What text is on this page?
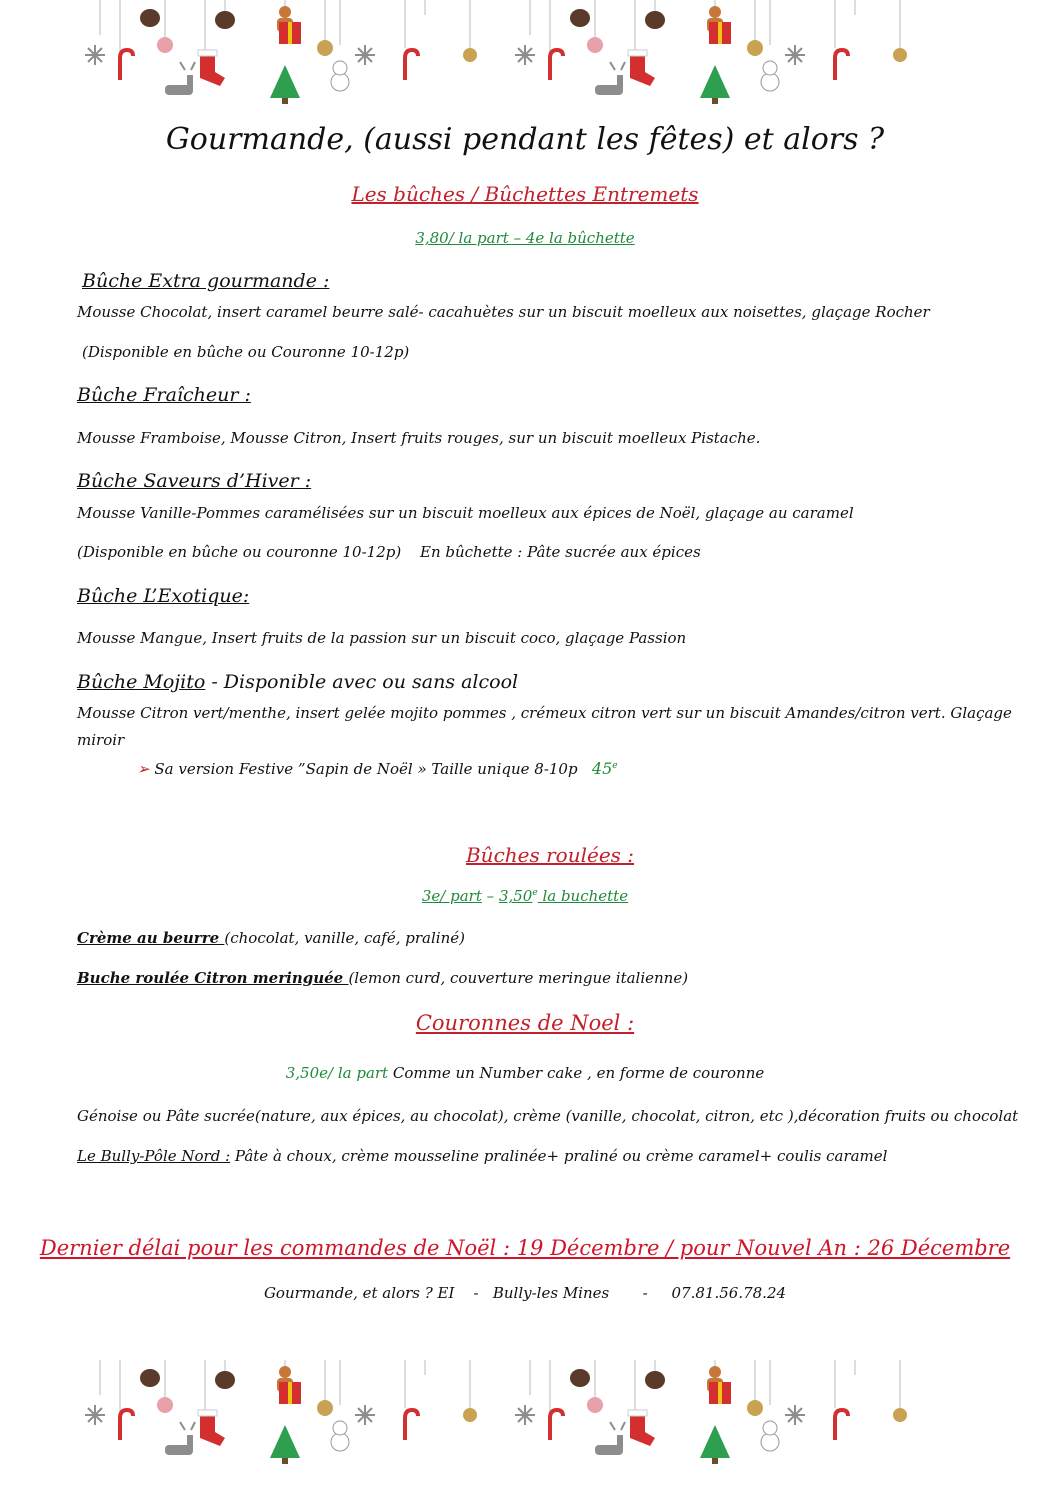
Gourmande, (aussi pendant les fêtes) et alors ?
Les bûches / Bûchettes Entremets
3,80/ la part – 4e la bûchette
Bûche Extra gourmande :
Mousse Chocolat, insert caramel beurre salé- cacahuètes sur un biscuit moelleux aux noisettes, glaçage Rocher
(Disponible en bûche ou Couronne 10-12p)
Bûche Fraîcheur :
Mousse Framboise, Mousse Citron, Insert fruits rouges, sur un biscuit moelleux Pistache.
Bûche Saveurs d’Hiver :
Mousse Vanille-Pommes caramélisées sur un biscuit moelleux aux épices de Noël, glaçage au caramel
(Disponible en bûche ou couronne 10-12p) En bûchette : Pâte sucrée aux épices
Bûche L’Exotique:
Mousse Mangue, Insert fruits de la passion sur un biscuit coco, glaçage Passion
Bûche Mojito - Disponible avec ou sans alcool
Mousse Citron vert/menthe, insert gelée mojito pommes , crémeux citron vert sur un biscuit Amandes/citron vert. Glaçage
miroir
➢ Sa version Festive ”Sapin de Noël » Taille unique 8-10p 45e
Bûches roulées :
3e/ part – 3,50e la buchette
Crème au beurre (chocolat, vanille, café, praliné)
Buche roulée Citron meringuée (lemon curd, couverture meringue italienne)
Couronnes de Noel :
3,50e/ la part Comme un Number cake , en forme de couronne
Génoise ou Pâte sucrée(nature, aux épices, au chocolat), crème (vanille, chocolat, citron, etc ),décoration fruits ou chocolat
Le Bully-Pôle Nord : Pâte à choux, crème mousseline pralinée+ praliné ou crème caramel+ coulis caramel
Dernier délai pour les commandes de Noël : 19 Décembre / pour Nouvel An : 26 Décembre
Gourmande, et alors ? EI - Bully-les Mines - 07.81.56.78.24
